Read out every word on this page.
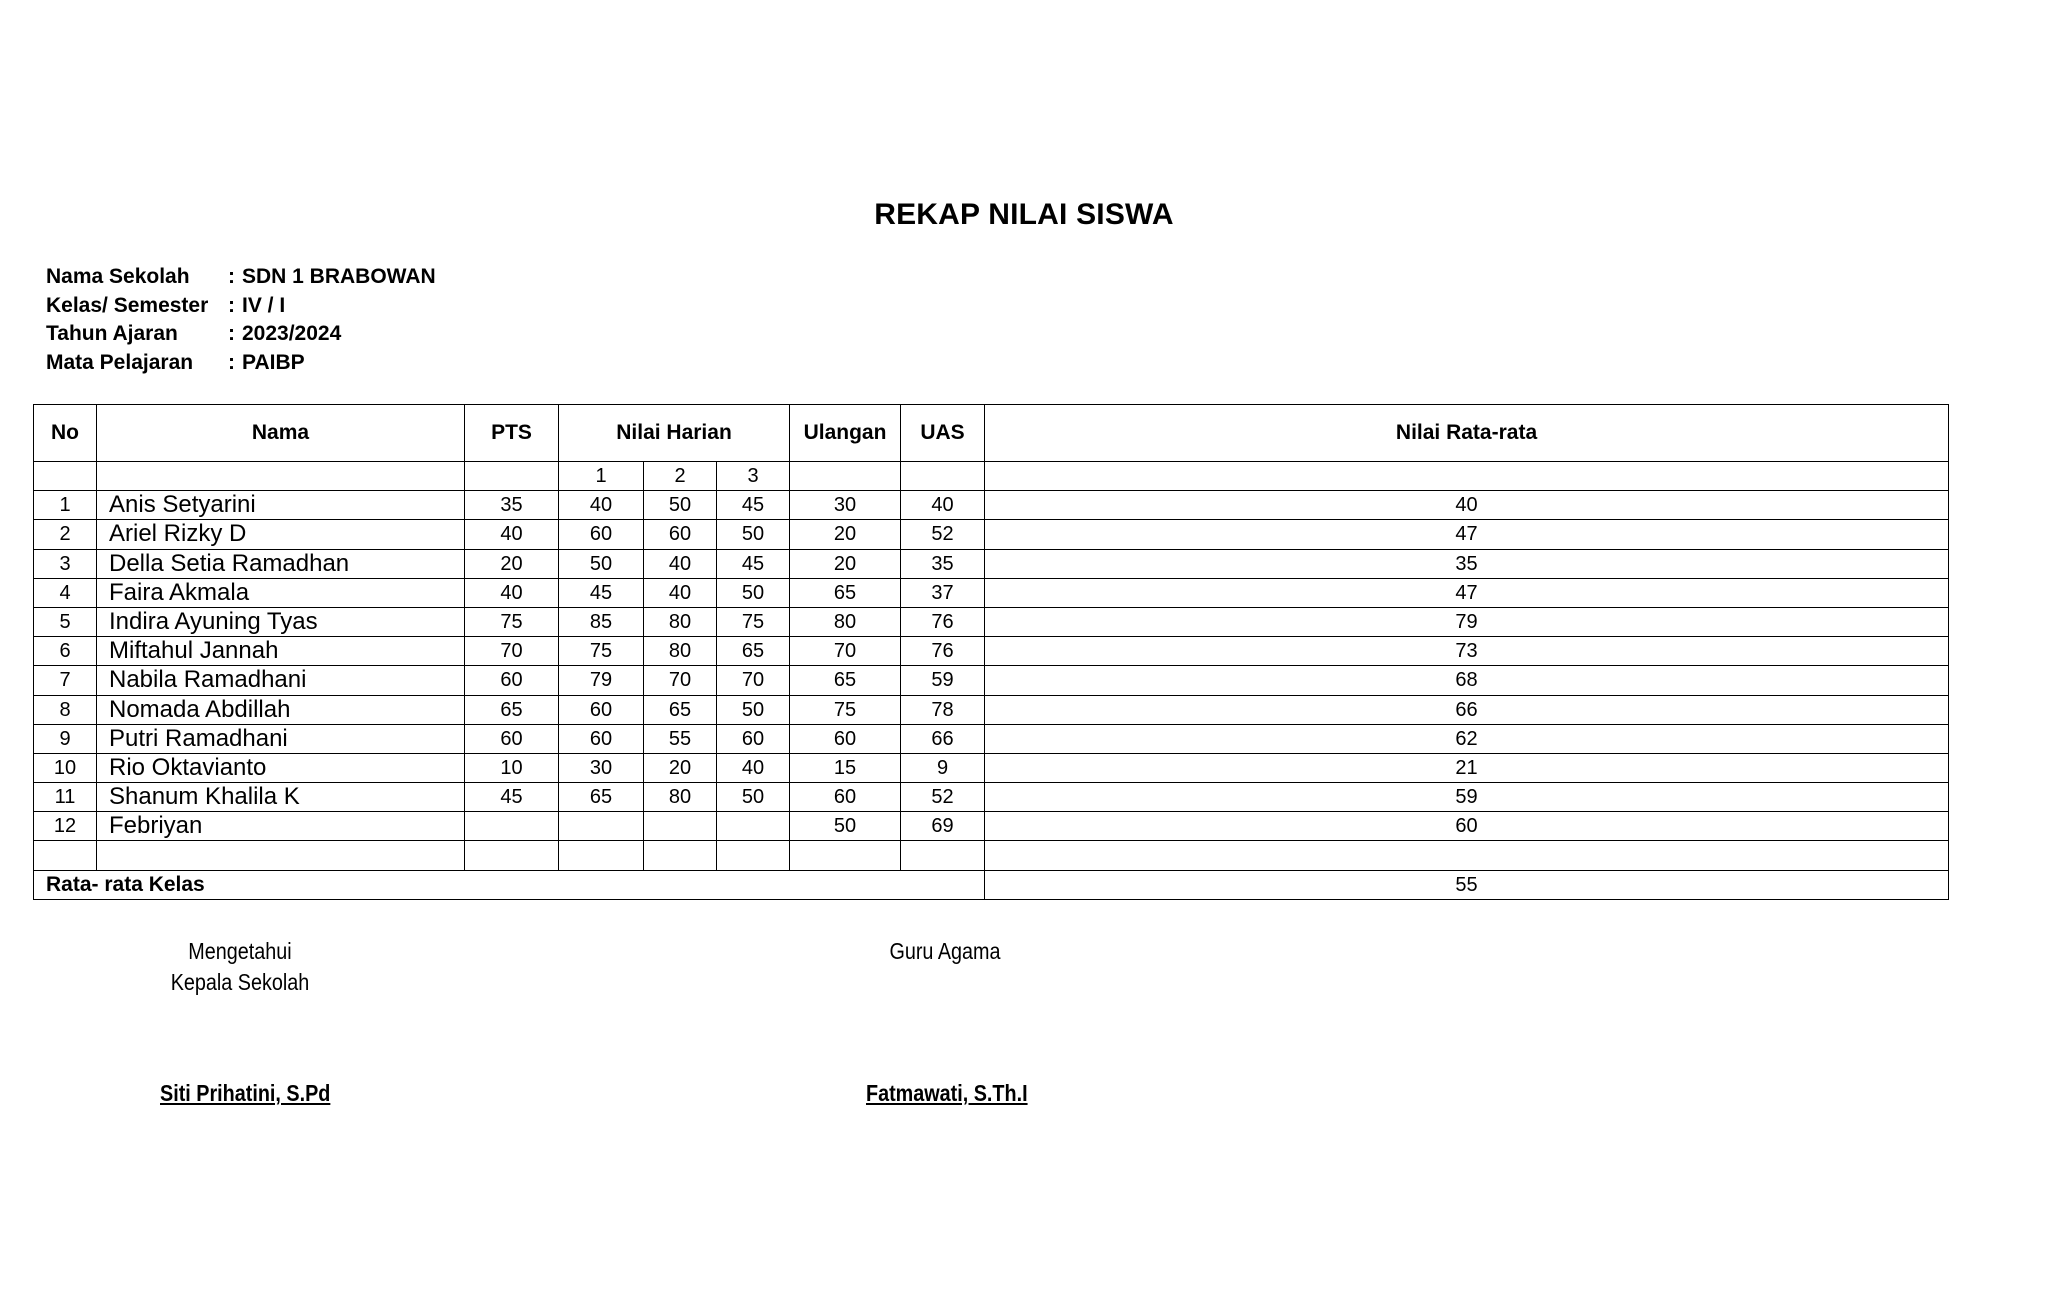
REKAP NILAI SISWA
Nama Sekolah	: SDN 1 BRABOWAN
Kelas/ Semester : IV / I
Tahun Ajaran	: 2023/2024
Mata Pelajaran	: PAIBP
No	Nama	PTS	Nilai Harian			Ulangan	UAS	Nilai Rata-rata
			1	2	3			
1	Anis Setyarini	35	40	50	45	30	40	40
2	Ariel Rizky D	40	60	60	50	20	52	47
3	Della Setia Ramadhan	20	50	40	45	20	35	35
4	Faira Akmala	40	45	40	50	65	37	47
5	Indira Ayuning Tyas	75	85	80	75	80	76	79
6	Miftahul Jannah	70	75	80	65	70	76	73
7	Nabila Ramadhani	60	79	70	70	65	59	68
8	Nomada Abdillah	65	60	65	50	75	78	66
9	Putri Ramadhani	60	60	55	60	60	66	62
10	Rio Oktavianto	10	30	20	40	15	9	21
11	Shanum Khalila K	45	65	80	50	60	52	59
12	Febriyan					50	69	60

Rata- rata Kelas								55
Mengetahui
Kepala Sekolah
Siti Prihatini, S.Pd
Guru Agama
Fatmawati, S.Th.I
